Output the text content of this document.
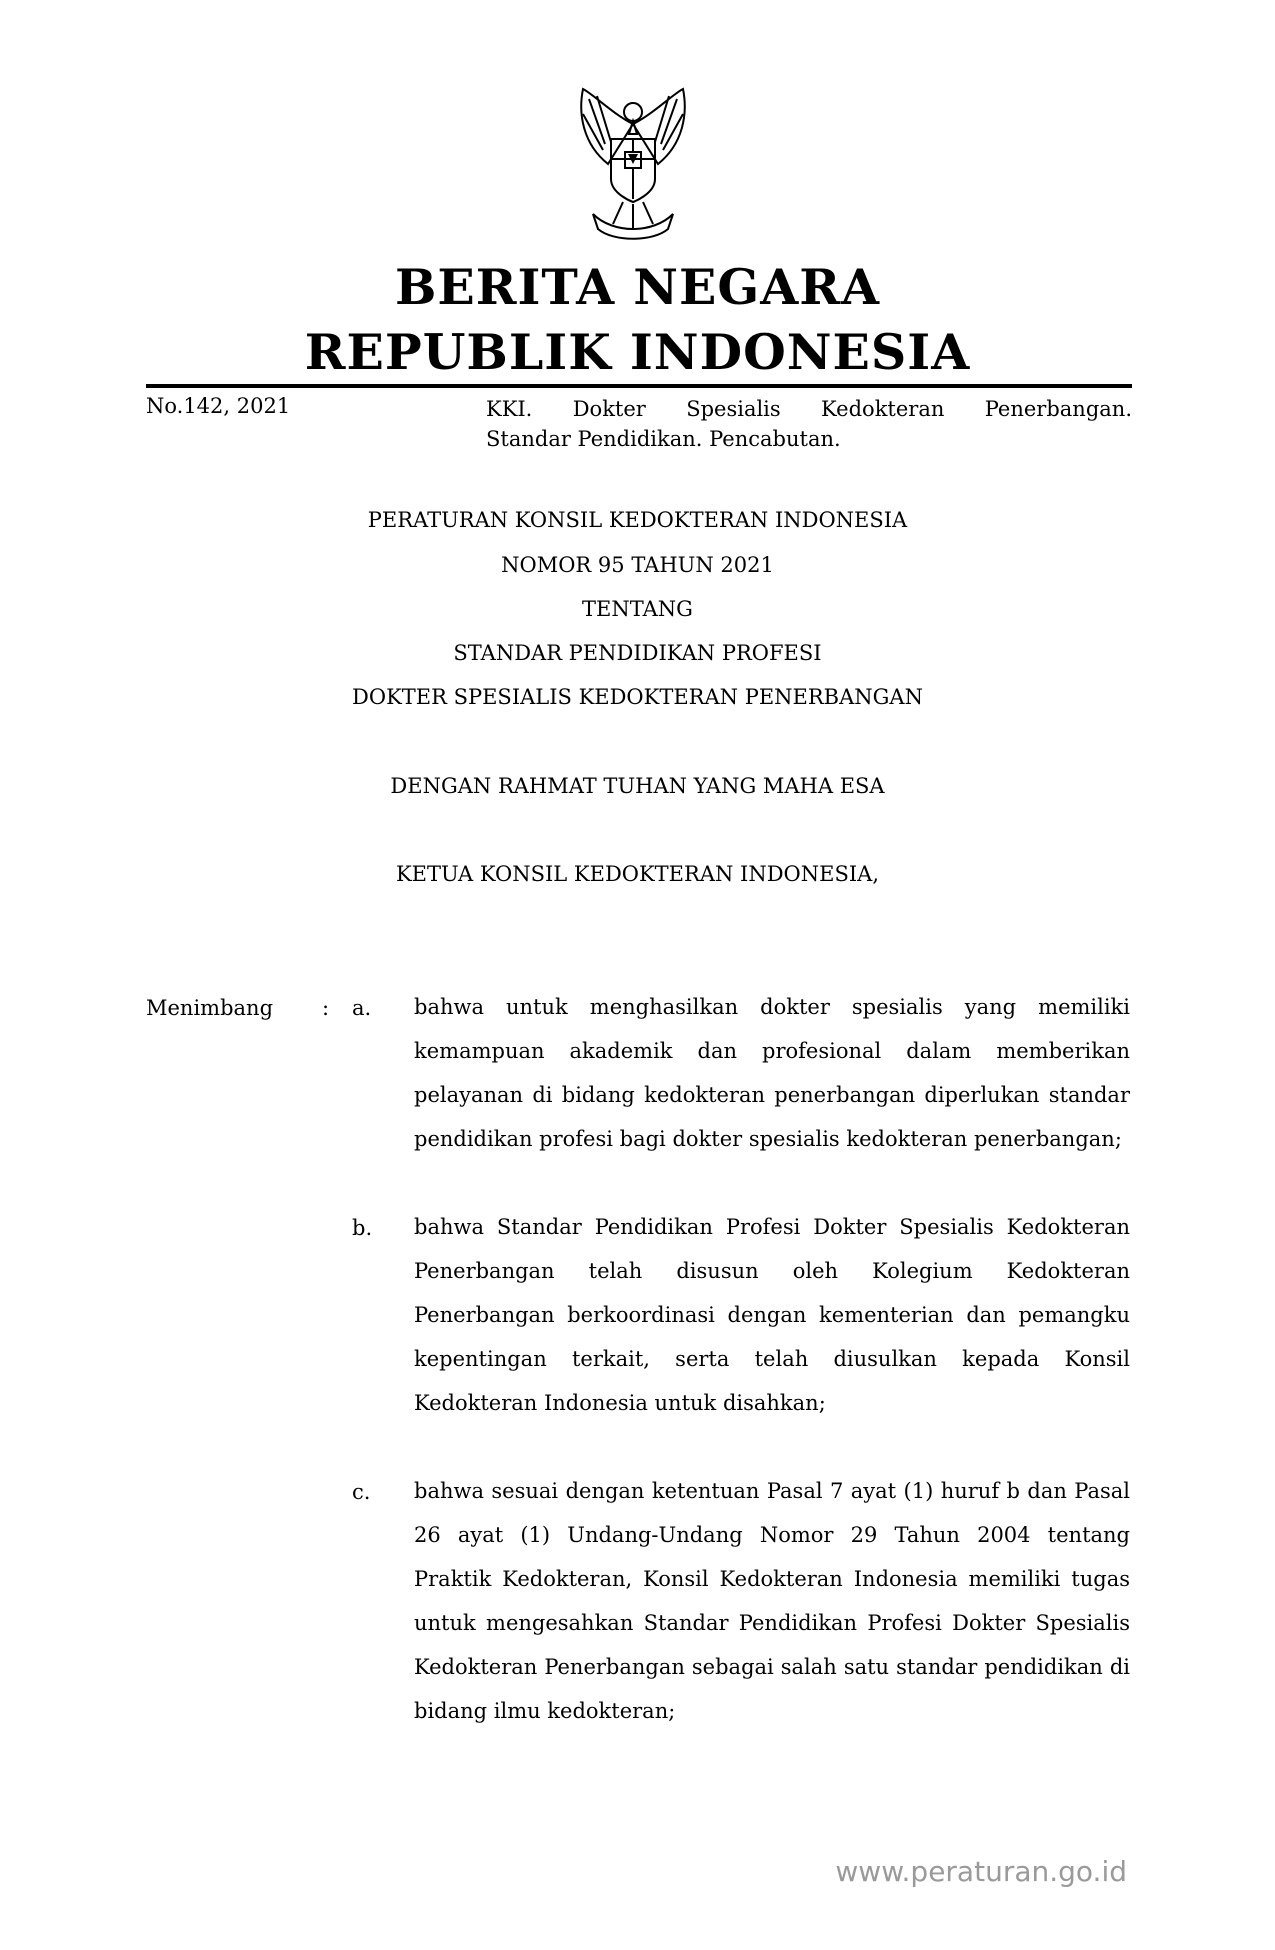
BERITA NEGARA
REPUBLIK INDONESIA
No.142, 2021	KKI. Dokter Spesialis Kedokteran Penerbangan.
Standar Pendidikan. Pencabutan.
PERATURAN KONSIL KEDOKTERAN INDONESIA
NOMOR 95 TAHUN 2021
TENTANG
STANDAR PENDIDIKAN PROFESI
DOKTER SPESIALIS KEDOKTERAN PENERBANGAN
DENGAN RAHMAT TUHAN YANG MAHA ESA
KETUA KONSIL KEDOKTERAN INDONESIA,
Menimbang : a. bahwa untuk menghasilkan dokter spesialis yang memiliki kemampuan akademik dan profesional dalam memberikan pelayanan di bidang kedokteran penerbangan diperlukan standar pendidikan profesi bagi dokter spesialis kedokteran penerbangan;
b. bahwa Standar Pendidikan Profesi Dokter Spesialis Kedokteran Penerbangan telah disusun oleh Kolegium Kedokteran Penerbangan berkoordinasi dengan kementerian dan pemangku kepentingan terkait, serta telah diusulkan kepada Konsil Kedokteran Indonesia untuk disahkan;
c. bahwa sesuai dengan ketentuan Pasal 7 ayat (1) huruf b dan Pasal 26 ayat (1) Undang-Undang Nomor 29 Tahun 2004 tentang Praktik Kedokteran, Konsil Kedokteran Indonesia memiliki tugas untuk mengesahkan Standar Pendidikan Profesi Dokter Spesialis Kedokteran Penerbangan sebagai salah satu standar pendidikan di bidang ilmu kedokteran;
www.peraturan.go.id
